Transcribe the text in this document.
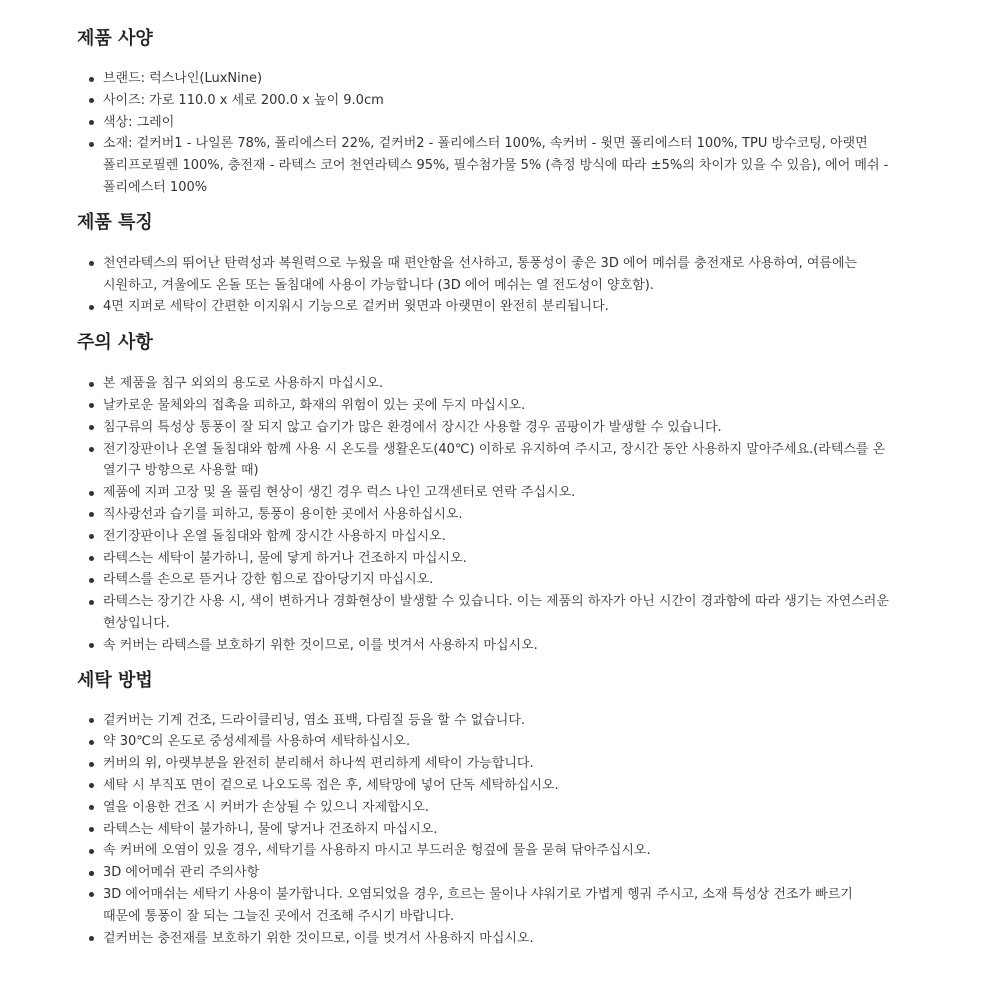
제품 사양
브랜드: 럭스나인(LuxNine)
사이즈: 가로 110.0 x 세로 200.0 x 높이 9.0cm
색상: 그레이
소재: 겉커버1 - 나일론 78%, 폴리에스터 22%, 겉커버2 - 폴리에스터 100%, 속커버 - 윗면 폴리에스터 100%, TPU 방수코팅, 아랫면 폴리프로필렌 100%, 충전재 - 라텍스 코어 천연라텍스 95%, 필수첨가물 5% (측정 방식에 따라 ±5%의 차이가 있을 수 있음), 에어 메쉬 - 폴리에스터 100%
제품 특징
천연라텍스의 뛰어난 탄력성과 복원력으로 누웠을 때 편안함을 선사하고, 통풍성이 좋은 3D 에어 메쉬를 충전재로 사용하여, 여름에는 시원하고, 겨울에도 온돌 또는 돌침대에 사용이 가능합니다 (3D 에어 메쉬는 열 전도성이 양호함).
4면 지퍼로 세탁이 간편한 이지워시 기능으로 겉커버 윗면과 아랫면이 완전히 분리됩니다.
주의 사항
본 제품을 침구 외외의 용도로 사용하지 마십시오.
날카로운 물체와의 접촉을 피하고, 화재의 위험이 있는 곳에 두지 마십시오.
침구류의 특성상 통풍이 잘 되지 않고 습기가 많은 환경에서 장시간 사용할 경우 곰팡이가 발생할 수 있습니다.
전기장판이나 온열 돌침대와 함께 사용 시 온도를 생활온도(40℃) 이하로 유지하여 주시고, 장시간 동안 사용하지 말아주세요.(라텍스를 온 열기구 방향으로 사용할 때)
제품에 지퍼 고장 및 올 풀림 현상이 생긴 경우 럭스 나인 고객센터로 연락 주십시오.
직사광선과 습기를 피하고, 통풍이 용이한 곳에서 사용하십시오.
전기장판이나 온열 돌침대와 함께 장시간 사용하지 마십시오.
라텍스는 세탁이 불가하니, 물에 닿게 하거나 건조하지 마십시오.
라텍스를 손으로 뜯거나 강한 힘으로 잡아당기지 마십시오.
라텍스는 장기간 사용 시, 색이 변하거나 경화현상이 발생할 수 있습니다. 이는 제품의 하자가 아닌 시간이 경과함에 따라 생기는 자연스러운 현상입니다.
속 커버는 라텍스를 보호하기 위한 것이므로, 이를 벗겨서 사용하지 마십시오.
세탁 방법
겉커버는 기계 건조, 드라이클리닝, 염소 표백, 다림질 등을 할 수 없습니다.
약 30℃의 온도로 중성세제를 사용하여 세탁하십시오.
커버의 위, 아랫부분을 완전히 분리해서 하나씩 편리하게 세탁이 가능합니다.
세탁 시 부직포 면이 겉으로 나오도록 접은 후, 세탁망에 넣어 단독 세탁하십시오.
열을 이용한 건조 시 커버가 손상될 수 있으니 자제합시오.
라텍스는 세탁이 불가하니, 물에 닿거나 건조하지 마십시오.
속 커버에 오염이 있을 경우, 세탁기를 사용하지 마시고 부드러운 헝겊에 물을 묻혀 닦아주십시오.
3D 에어메쉬 관리 주의사항
3D 에어매쉬는 세탁기 사용이 불가합니다. 오염되었을 경우, 흐르는 물이나 샤워기로 가볍게 헹궈 주시고, 소재 특성상 건조가 빠르기 때문에 통풍이 잘 되는 그늘진 곳에서 건조해 주시기 바랍니다.
겉커버는 충전재를 보호하기 위한 것이므로, 이를 벗겨서 사용하지 마십시오.
